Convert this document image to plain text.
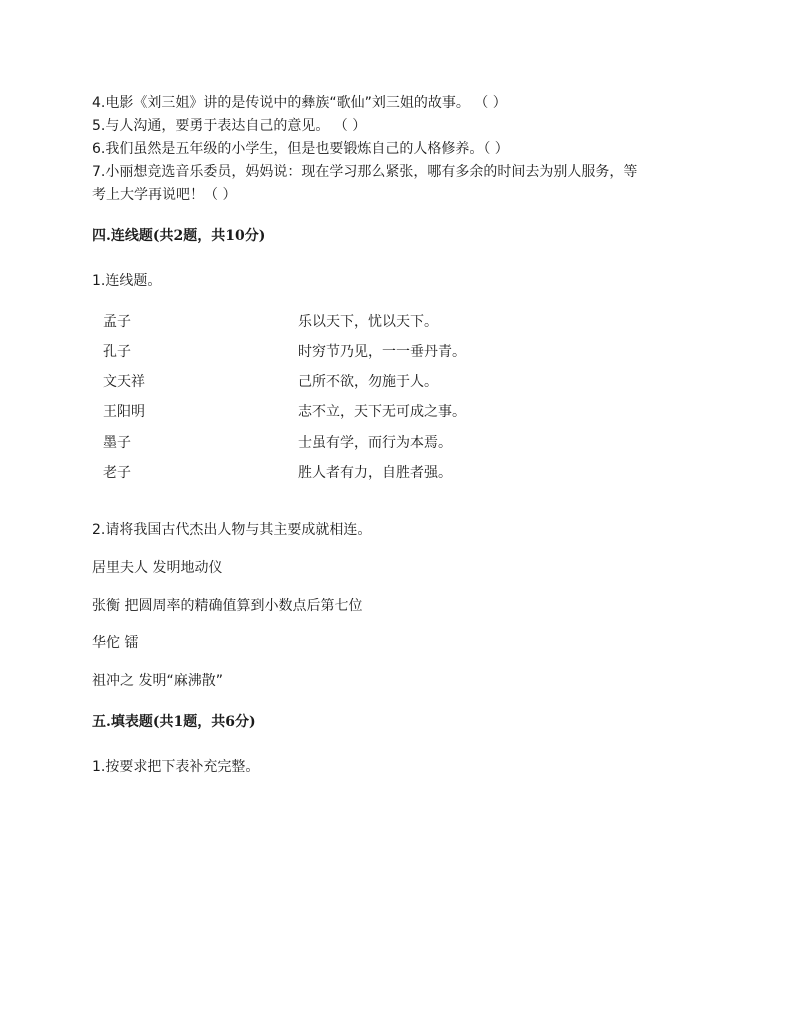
4.电影《刘三姐》讲的是传说中的彝族“歌仙”刘三姐的故事。 （ ）
5.与人沟通，要勇于表达自己的意见。 （ ）
6.我们虽然是五年级的小学生，但是也要锻炼自己的人格修养。（ ）
7.小丽想竞选音乐委员，妈妈说：现在学习那么紧张，哪有多余的时间去为别人服务，等
考上大学再说吧！（ ）
四.连线题(共2题，共10分)
1.连线题。
孟子	乐以天下，忧以天下。
孔子	时穷节乃见，一一垂丹青。
文天祥	己所不欲，勿施于人。
王阳明	志不立，天下无可成之事。
墨子	士虽有学，而行为本焉。
老子	胜人者有力，自胜者强。
2.请将我国古代杰出人物与其主要成就相连。
居里夫人 发明地动仪
张衡 把圆周率的精确值算到小数点后第七位
华佗 镭
祖冲之 发明“麻沸散”
五.填表题(共1题，共6分)
1.按要求把下表补充完整。
